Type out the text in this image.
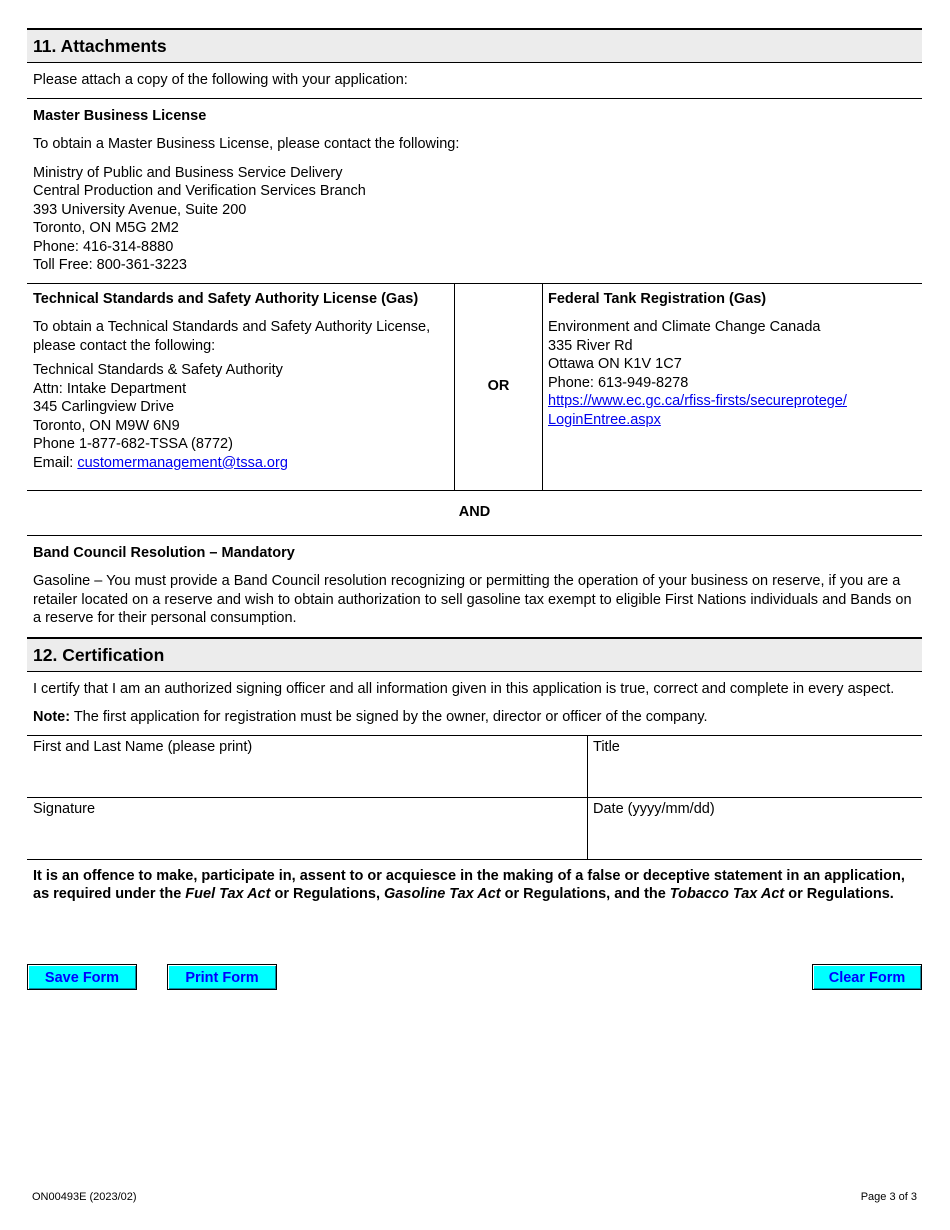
11. Attachments
Please attach a copy of the following with your application:

Master Business License

To obtain a Master Business License, please contact the following:

Ministry of Public and Business Service Delivery

Central Production and Verification Services Branch

393 University Avenue, Suite 200

Toronto, ON M5G 2M2

Phone: 416-314-8880

Toll Free: 800-361-3223

Technical Standards and Safety Authority License (Gas)

To obtain a Technical Standards and Safety Authority License, please contact the following:

Technical Standards & Safety Authority

Attn: Intake Department

345 Carlingview Drive

Toronto, ON M9W 6N9

Phone 1-877-682-TSSA (8772)

Email: customermanagement@tssa.org

OR

Federal Tank Registration (Gas)

Environment and Climate Change Canada

335 River Rd

Ottawa ON K1V 1C7

Phone: 613-949-8278

https://www.ec.gc.ca/rfiss-firsts/secureprotege/

LoginEntree.aspx

AND

Band Council Resolution – Mandatory

Gasoline – You must provide a Band Council resolution recognizing or permitting the operation of your business on reserve, if you are a retailer located on a reserve and wish to obtain authorization to sell gasoline tax exempt to eligible First Nations individuals and Bands on a reserve for their personal consumption.

12. Certification

I certify that I am an authorized signing officer and all information given in this application is true, correct and complete in every aspect.

Note: The first application for registration must be signed by the owner, director or officer of the company.

First and Last Name (please print)	Title

Signature	Date (yyyy/mm/dd)

It is an offence to make, participate in, assent to or acquiesce in the making of a false or deceptive statement in an application, as required under the Fuel Tax Act or Regulations, Gasoline Tax Act or Regulations, and the Tobacco Tax Act or Regulations.
Save Form	Print Form	Clear Form
ON00493E (2023/02)	Page 3 of 3
